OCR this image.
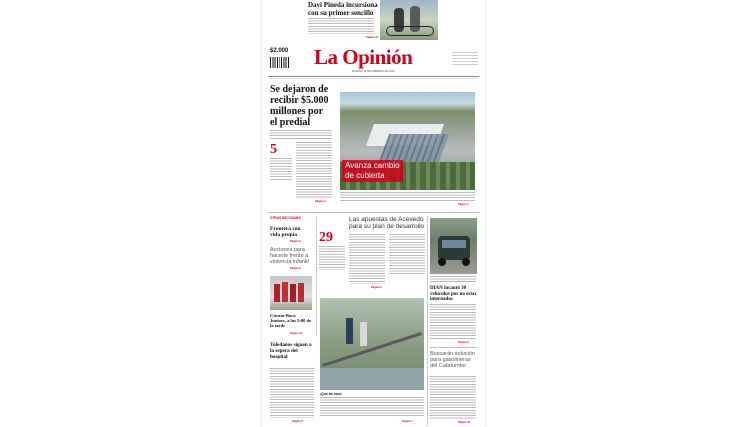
Dayi Pineda incursiona con su primer sencillo
Página 12
$2.000 La Opinión
MARTES 14 DE FEBRERO DE 2023
Se dejaron de recibir $5.000 millones por el predial
5
Página 3
Avanza cambio
de cubierta
Página 4
OTRAS SECCIONES
Frontera con vida propia
Página 5
Acciones para hacerle frente a violencia infantil
Página 6
Cúcuta-Boca Juniors, a las 5:00 de la tarde
Página 14
Las apuestas de Acevedo para su plan de desarrollo
29
Página 2	DIAN incautó 30 vehículos por no estar internados
Página 9
Buscarán solución para gasolineras del Catatumbo
Página 10
¡Qué tal esto!
Página 7
Toledanos siguen a la espera del hospital
Página 8
